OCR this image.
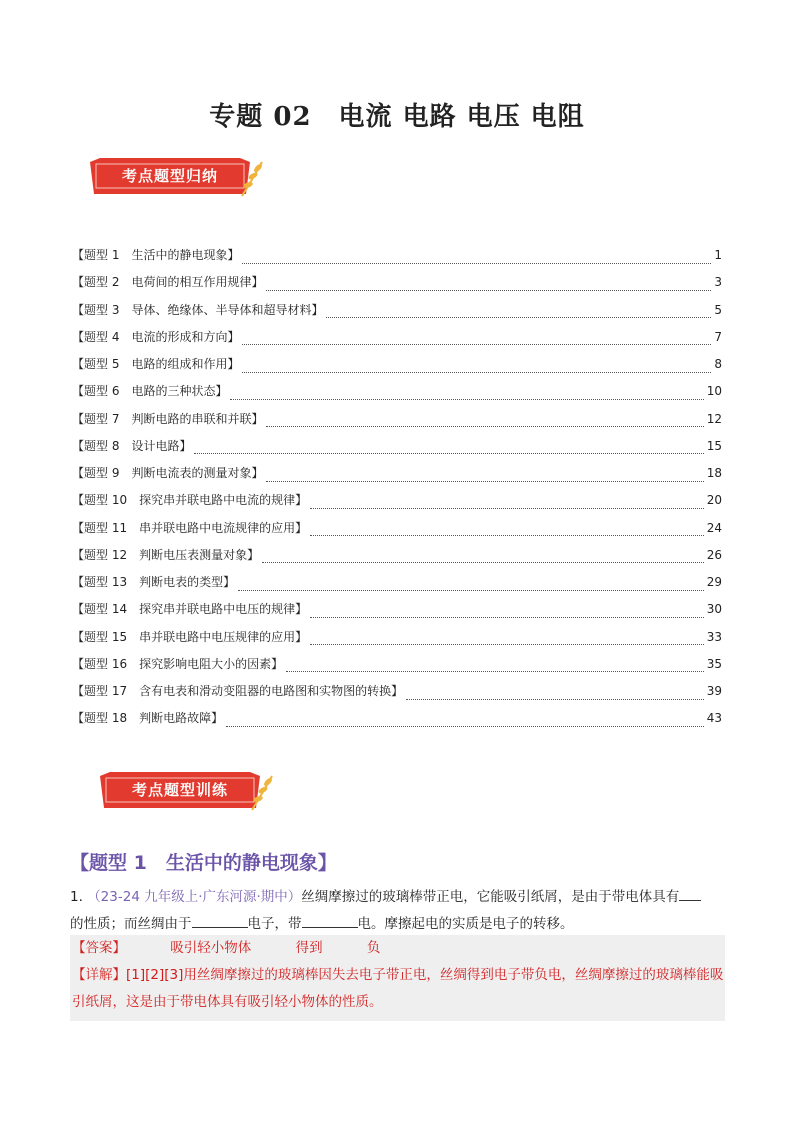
专题 02　电流 电路 电压 电阻
考点题型归纳
【题型 1　生活中的静电现象】	1
【题型 2　电荷间的相互作用规律】	3
【题型 3　导体、绝缘体、半导体和超导材料】	5
【题型 4　电流的形成和方向】	7
【题型 5　电路的组成和作用】	8
【题型 6　电路的三种状态】	10
【题型 7　判断电路的串联和并联】	12
【题型 8　设计电路】	15
【题型 9　判断电流表的测量对象】	18
【题型 10　探究串并联电路中电流的规律】	20
【题型 11　串并联电路中电流规律的应用】	24
【题型 12　判断电压表测量对象】	26
【题型 13　判断电表的类型】	29
【题型 14　探究串并联电路中电压的规律】	30
【题型 15　串并联电路中电压规律的应用】	33
【题型 16　探究影响电阻大小的因素】	35
【题型 17　含有电表和滑动变阻器的电路图和实物图的转换】	39
【题型 18　判断电路故障】	43
考点题型训练
【题型 1　生活中的静电现象】
1. （23-24 九年级上·广东河源·期中）丝绸摩擦过的玻璃棒带正电，它能吸引纸屑，是由于带电体具有
的性质；而丝绸由于	电子，带	电。摩擦起电的实质是电子的转移。
【答案】	吸引轻小物体	得到	负
【详解】[1][2][3]用丝绸摩擦过的玻璃棒因失去电子带正电，丝绸得到电子带负电，丝绸摩擦过的玻璃棒能吸引纸屑，这是由于带电体具有吸引轻小物体的性质。
